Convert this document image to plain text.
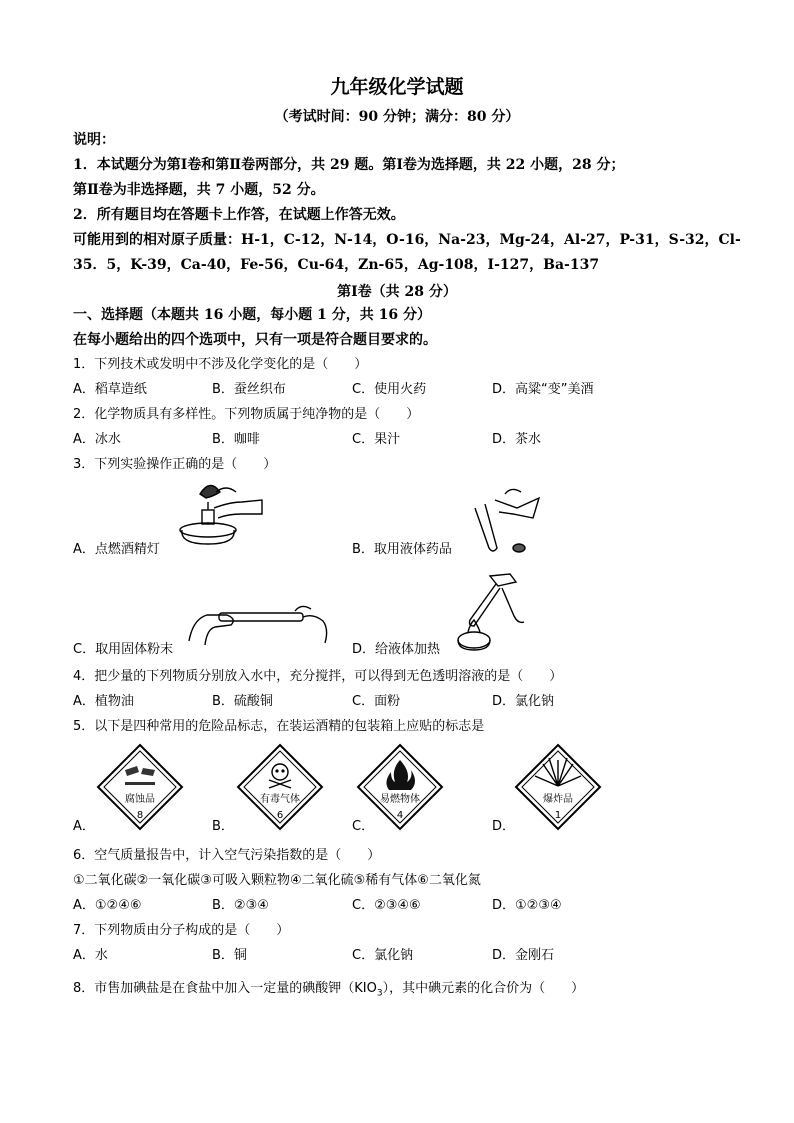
九年级化学试题
（考试时间：90 分钟；满分：80 分）
说明：
1．本试题分为第Ⅰ卷和第Ⅱ卷两部分，共 29 题。第Ⅰ卷为选择题，共 22 小题，28 分；
第Ⅱ卷为非选择题，共 7 小题，52 分。
2．所有题目均在答题卡上作答，在试题上作答无效。
可能用到的相对原子质量：H-1，C-12，N-14，O-16，Na-23，Mg-24，Al-27，P-31，S-32，Cl-
35．5，K-39，Ca-40，Fe-56，Cu-64，Zn-65，Ag-108，I-127，Ba-137
第Ⅰ卷（共 28 分）
一、选择题（本题共 16 小题，每小题 1 分，共 16 分）
在每小题给出的四个选项中，只有一项是符合题目要求的。
1．下列技术或发明中不涉及化学变化的是（　　）
A．稻草造纸	B．蚕丝织布	C．使用火药	D．高粱“变”美酒
2．化学物质具有多样性。下列物质属于纯净物的是（　　）
A．冰水	B．咖啡	C．果汁	D．茶水
3．下列实验操作正确的是（　　）
A．点燃酒精灯	B．取用液体药品
C．取用固体粉末	D．给液体加热
4．把少量的下列物质分别放入水中，充分搅拌，可以得到无色透明溶液的是（　　）
A．植物油	B．硫酸铜	C．面粉	D．氯化钠
5．以下是四种常用的危险品标志，在装运酒精的包装箱上应贴的标志是
腐蚀品
8
有毒气体
6
易燃物体
4
爆炸品
1
A．	B．	C．	D．
6．空气质量报告中，计入空气污染指数的是（　　）
①二氧化碳②一氧化碳③可吸入颗粒物④二氧化硫⑤稀有气体⑥二氧化氮
A．①②④⑥	B．②③④	C．②③④⑥	D．①②③④
7．下列物质由分子构成的是（　　）
A．水	B．铜	C．氯化钠	D．金刚石
8．市售加碘盐是在食盐中加入一定量的碘酸钾$(KIO_3)$，其中碘元素的化合价为（　　）
